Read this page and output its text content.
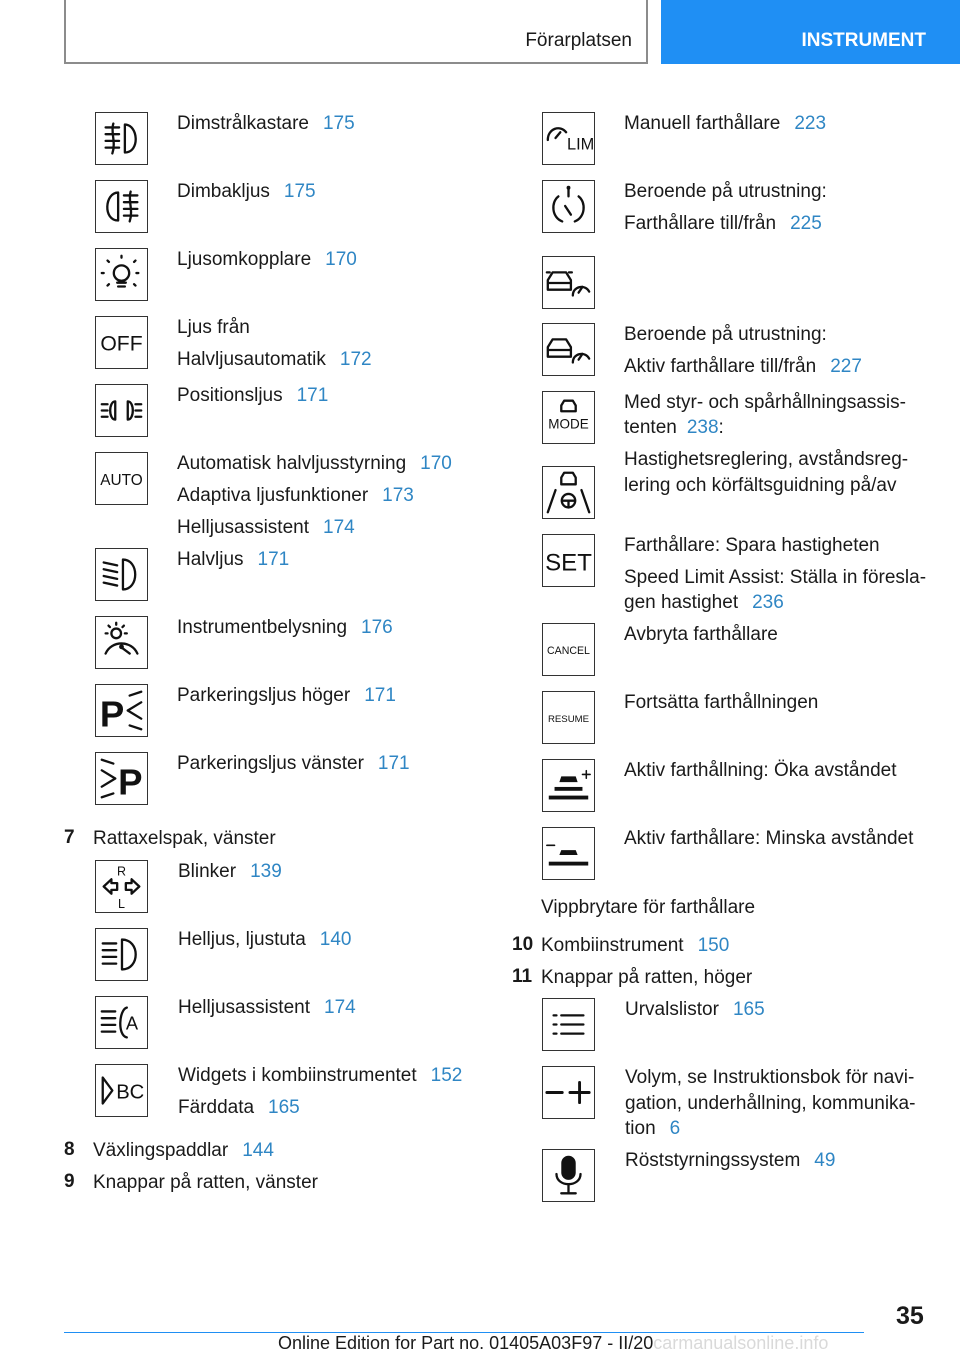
Förarplatsen	INSTRUMENT
Dimstrålkastare 175
Dimbakljus 175
Ljusomkopplare 170
OFF
Ljus från
Halvljusautomatik 172
Positionsljus 171
AUTO
Automatisk halvljusstyrning 170
Adaptiva ljusfunktioner 173
Helljusassistent 174
Halvljus 171
Instrumentbelysning 176
P	Parkeringsljus höger 171
P Parkeringsljus vänster 171
7 Rattaxelspak, vänster
R
L
Blinker 139
Helljus, ljustuta 140
A
Helljusassistent 174
BC
Widgets i kombiinstrumentet 152
Färddata 165
8 Växlingspaddlar 144
9 Knappar på ratten, vänster
LIM
Manuell farthållare 223
Beroende på utrustning:
Farthållare till/från 225
Beroende på utrustning:
Aktiv farthållare till/från 227
MODE
Med styr- och spårhållningsassis-
tenten 238:
Hastighetsreglering, avståndsreg-
lering och körfältsguidning på/av
SET
Farthållare: Spara hastigheten
Speed Limit Assist: Ställa in föresla-
gen hastighet 236
CANCEL
Avbryta farthållare
RESUME
Fortsätta farthållningen
Aktiv farthållning: Öka avståndet
Aktiv farthållare: Minska avståndet
Vippbrytare för farthållare
10 Kombiinstrument 150
11 Knappar på ratten, höger
Urvalslistor 165
Volym, se Instruktionsbok för navi-
gation, underhållning, kommunika-
tion 6
Röststyrningssystem 49
35
Online Edition for Part no. 01405A03F97 - II/20carmanualsonline.info
